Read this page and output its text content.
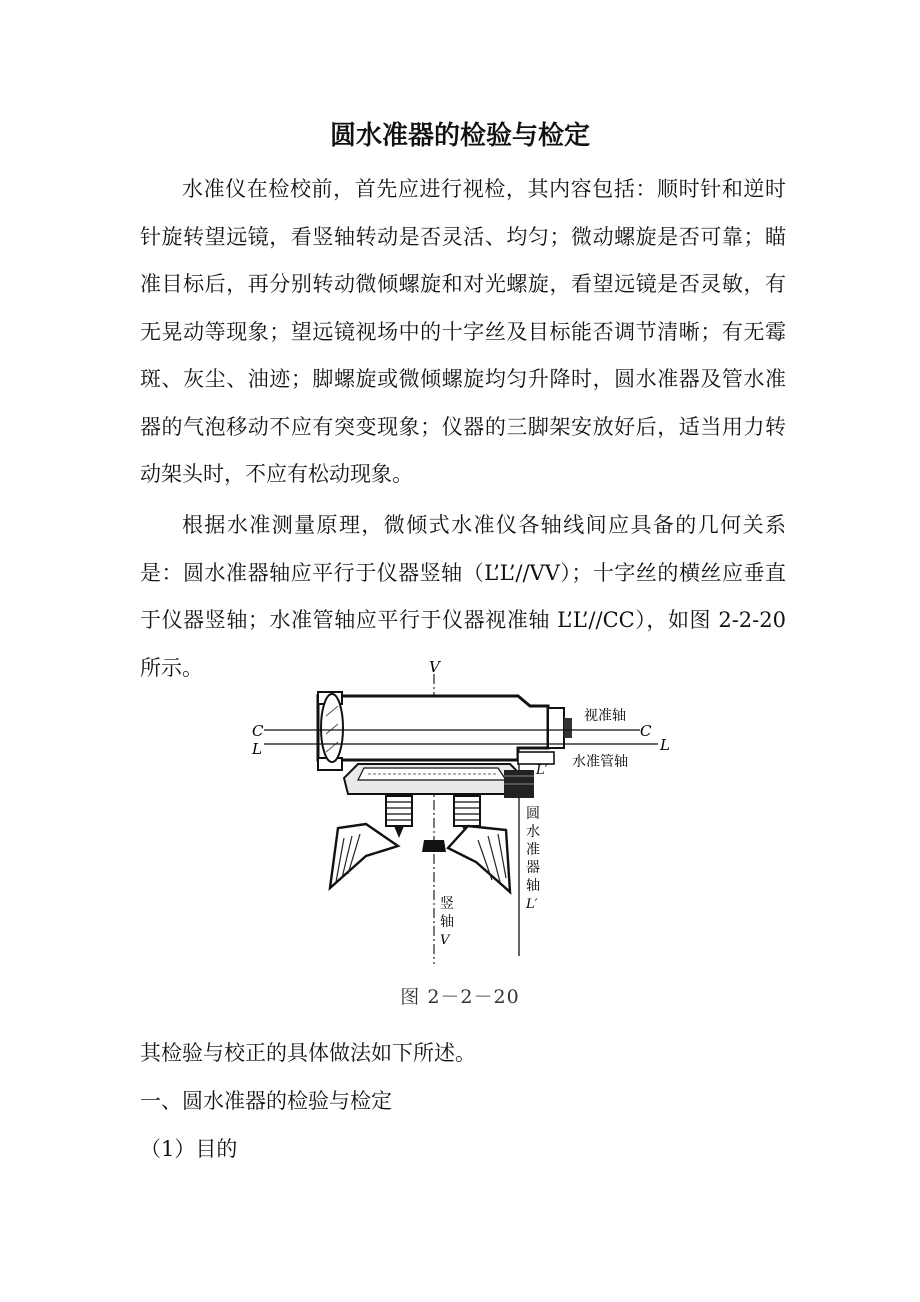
圆水准器的检验与检定

水准仪在检校前，首先应进行视检，其内容包括：顺时针和逆时针旋转望远镜，看竖轴转动是否灵活、均匀；微动螺旋是否可靠；瞄准目标后，再分别转动微倾螺旋和对光螺旋，看望远镜是否灵敏，有无晃动等现象；望远镜视场中的十字丝及目标能否调节清晰；有无霉斑、灰尘、油迹；脚螺旋或微倾螺旋均匀升降时，圆水准器及管水准器的气泡移动不应有突变现象；仪器的三脚架安放好后，适当用力转动架头时，不应有松动现象。

根据水准测量原理，微倾式水准仪各轴线间应具备的几何关系是：圆水准器轴应平行于仪器竖轴（L’L’//VV）；十字丝的横丝应垂直于仪器竖轴；水准管轴应平行于仪器视准轴 L’L’//CC），如图 2-2-20 所示。	V
C
L
C
L
视准轴
水准管轴
L′
圆
水
准
器
轴
L′
竖
轴
V
图 2－2－20

其检验与校正的具体做法如下所述。

一、圆水准器的检验与检定

（1）目的
